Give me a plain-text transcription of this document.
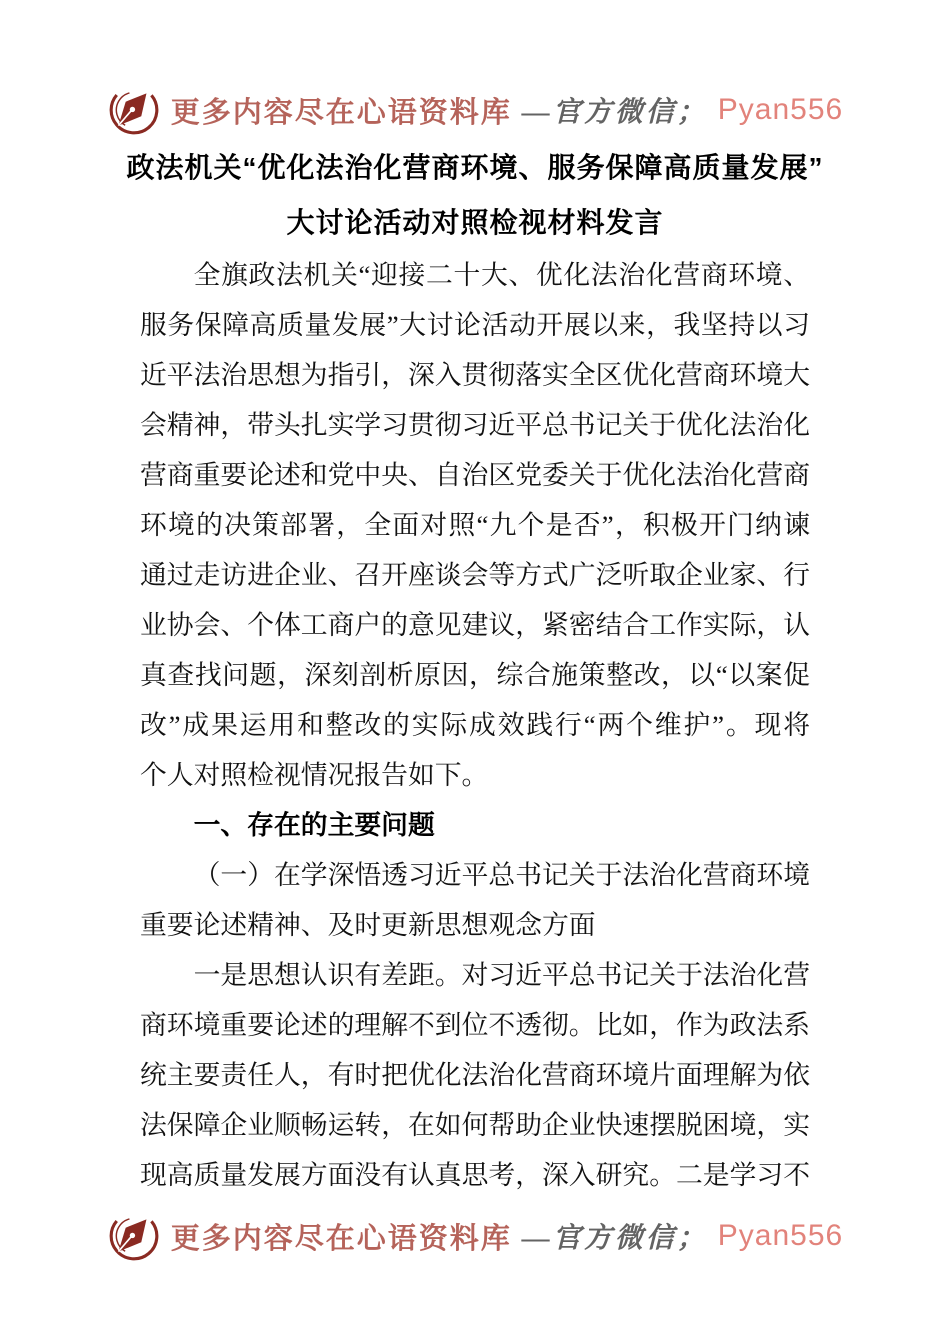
更多内容尽在心语资料库 —官方微信； Pyan556
政法机关“优化法治化营商环境、服务保障高质量发展”
大讨论活动对照检视材料发言
全旗政法机关“迎接二十大、优化法治化营商环境、
服务保障高质量发展”大讨论活动开展以来，我坚持以习
近平法治思想为指引，深入贯彻落实全区优化营商环境大
会精神，带头扎实学习贯彻习近平总书记关于优化法治化
营商重要论述和党中央、自治区党委关于优化法治化营商
环境的决策部署，全面对照“九个是否”，积极开门纳谏
通过走访进企业、召开座谈会等方式广泛听取企业家、行
业协会、个体工商户的意见建议，紧密结合工作实际，认
真查找问题，深刻剖析原因，综合施策整改，以“以案促
改”成果运用和整改的实际成效践行“两个维护”。现将
个人对照检视情况报告如下。
一、存在的主要问题
（一）在学深悟透习近平总书记关于法治化营商环境
重要论述精神、及时更新思想观念方面
一是思想认识有差距。对习近平总书记关于法治化营
商环境重要论述的理解不到位不透彻。比如，作为政法系
统主要责任人，有时把优化法治化营商环境片面理解为依
法保障企业顺畅运转，在如何帮助企业快速摆脱困境，实
现高质量发展方面没有认真思考，深入研究。二是学习不
更多内容尽在心语资料库 —官方微信； Pyan556
